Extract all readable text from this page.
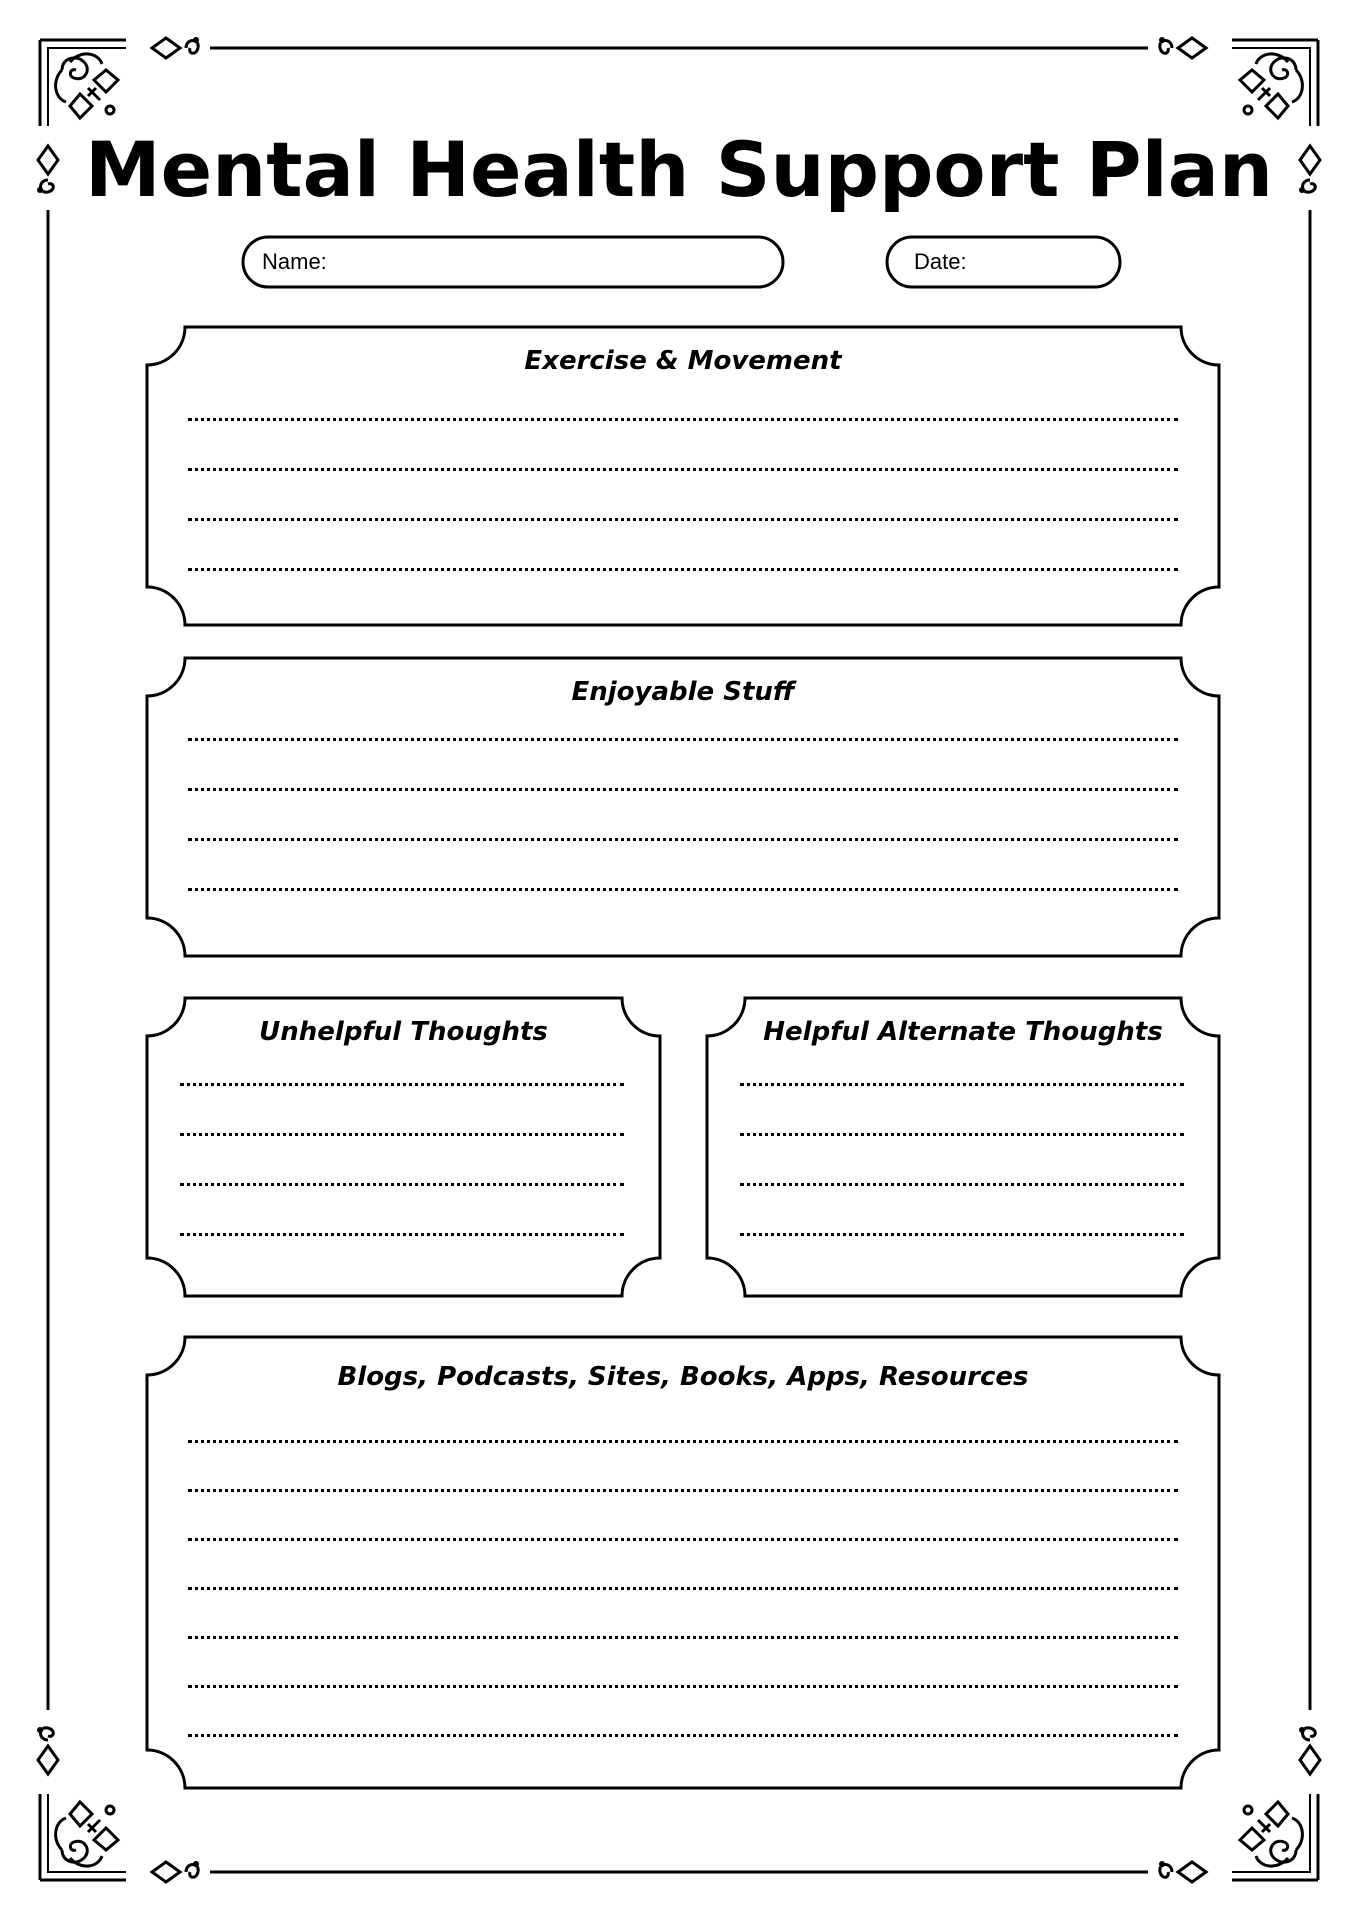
Mental Health Support Plan
Name:	Date:
Exercise & Movement
Enjoyable Stuff
Unhelpful Thoughts	Helpful Alternate Thoughts
Blogs, Podcasts, Sites, Books, Apps, Resources
